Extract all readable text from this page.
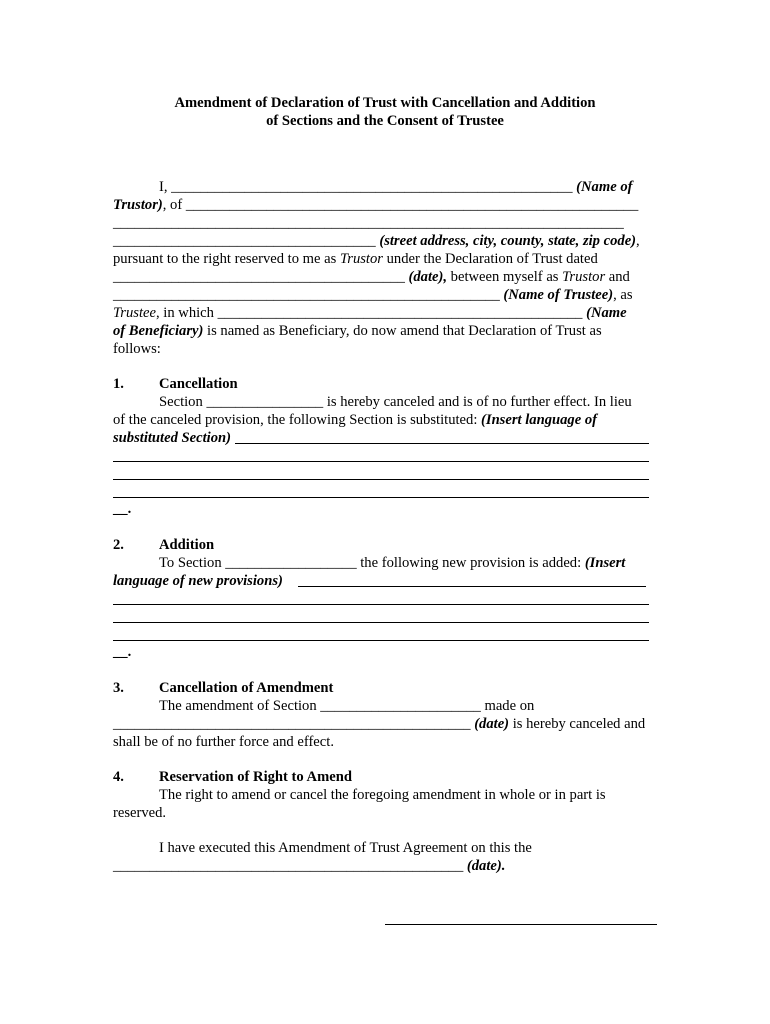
Amendment of Declaration of Trust with Cancellation and Addition
of Sections and the Consent of Trustee
I, _______________________________________________________ (Name of
Trustor), of ______________________________________________________________
______________________________________________________________________
____________________________________ (street address, city, county, state, zip code),
pursuant to the right reserved to me as Trustor under the Declaration of Trust dated
________________________________________ (date), between myself as Trustor and
_____________________________________________________ (Name of Trustee), as
Trustee, in which __________________________________________________ (Name
of Beneficiary) is named as Beneficiary, do now amend that Declaration of Trust as
follows:
1. Cancellation
Section ________________ is hereby canceled and is of no further effect. In lieu
of the canceled provision, the following Section is substituted: (Insert language of
substituted Section)
__.
2. Addition
To Section __________________ the following new provision is added: (Insert
language of new provisions)
__.
3. Cancellation of Amendment
The amendment of Section ______________________ made on
_________________________________________________ (date) is hereby canceled and
shall be of no further force and effect.
4. Reservation of Right to Amend
The right to amend or cancel the foregoing amendment in whole or in part is
reserved.
I have executed this Amendment of Trust Agreement on this the
________________________________________________ (date).
